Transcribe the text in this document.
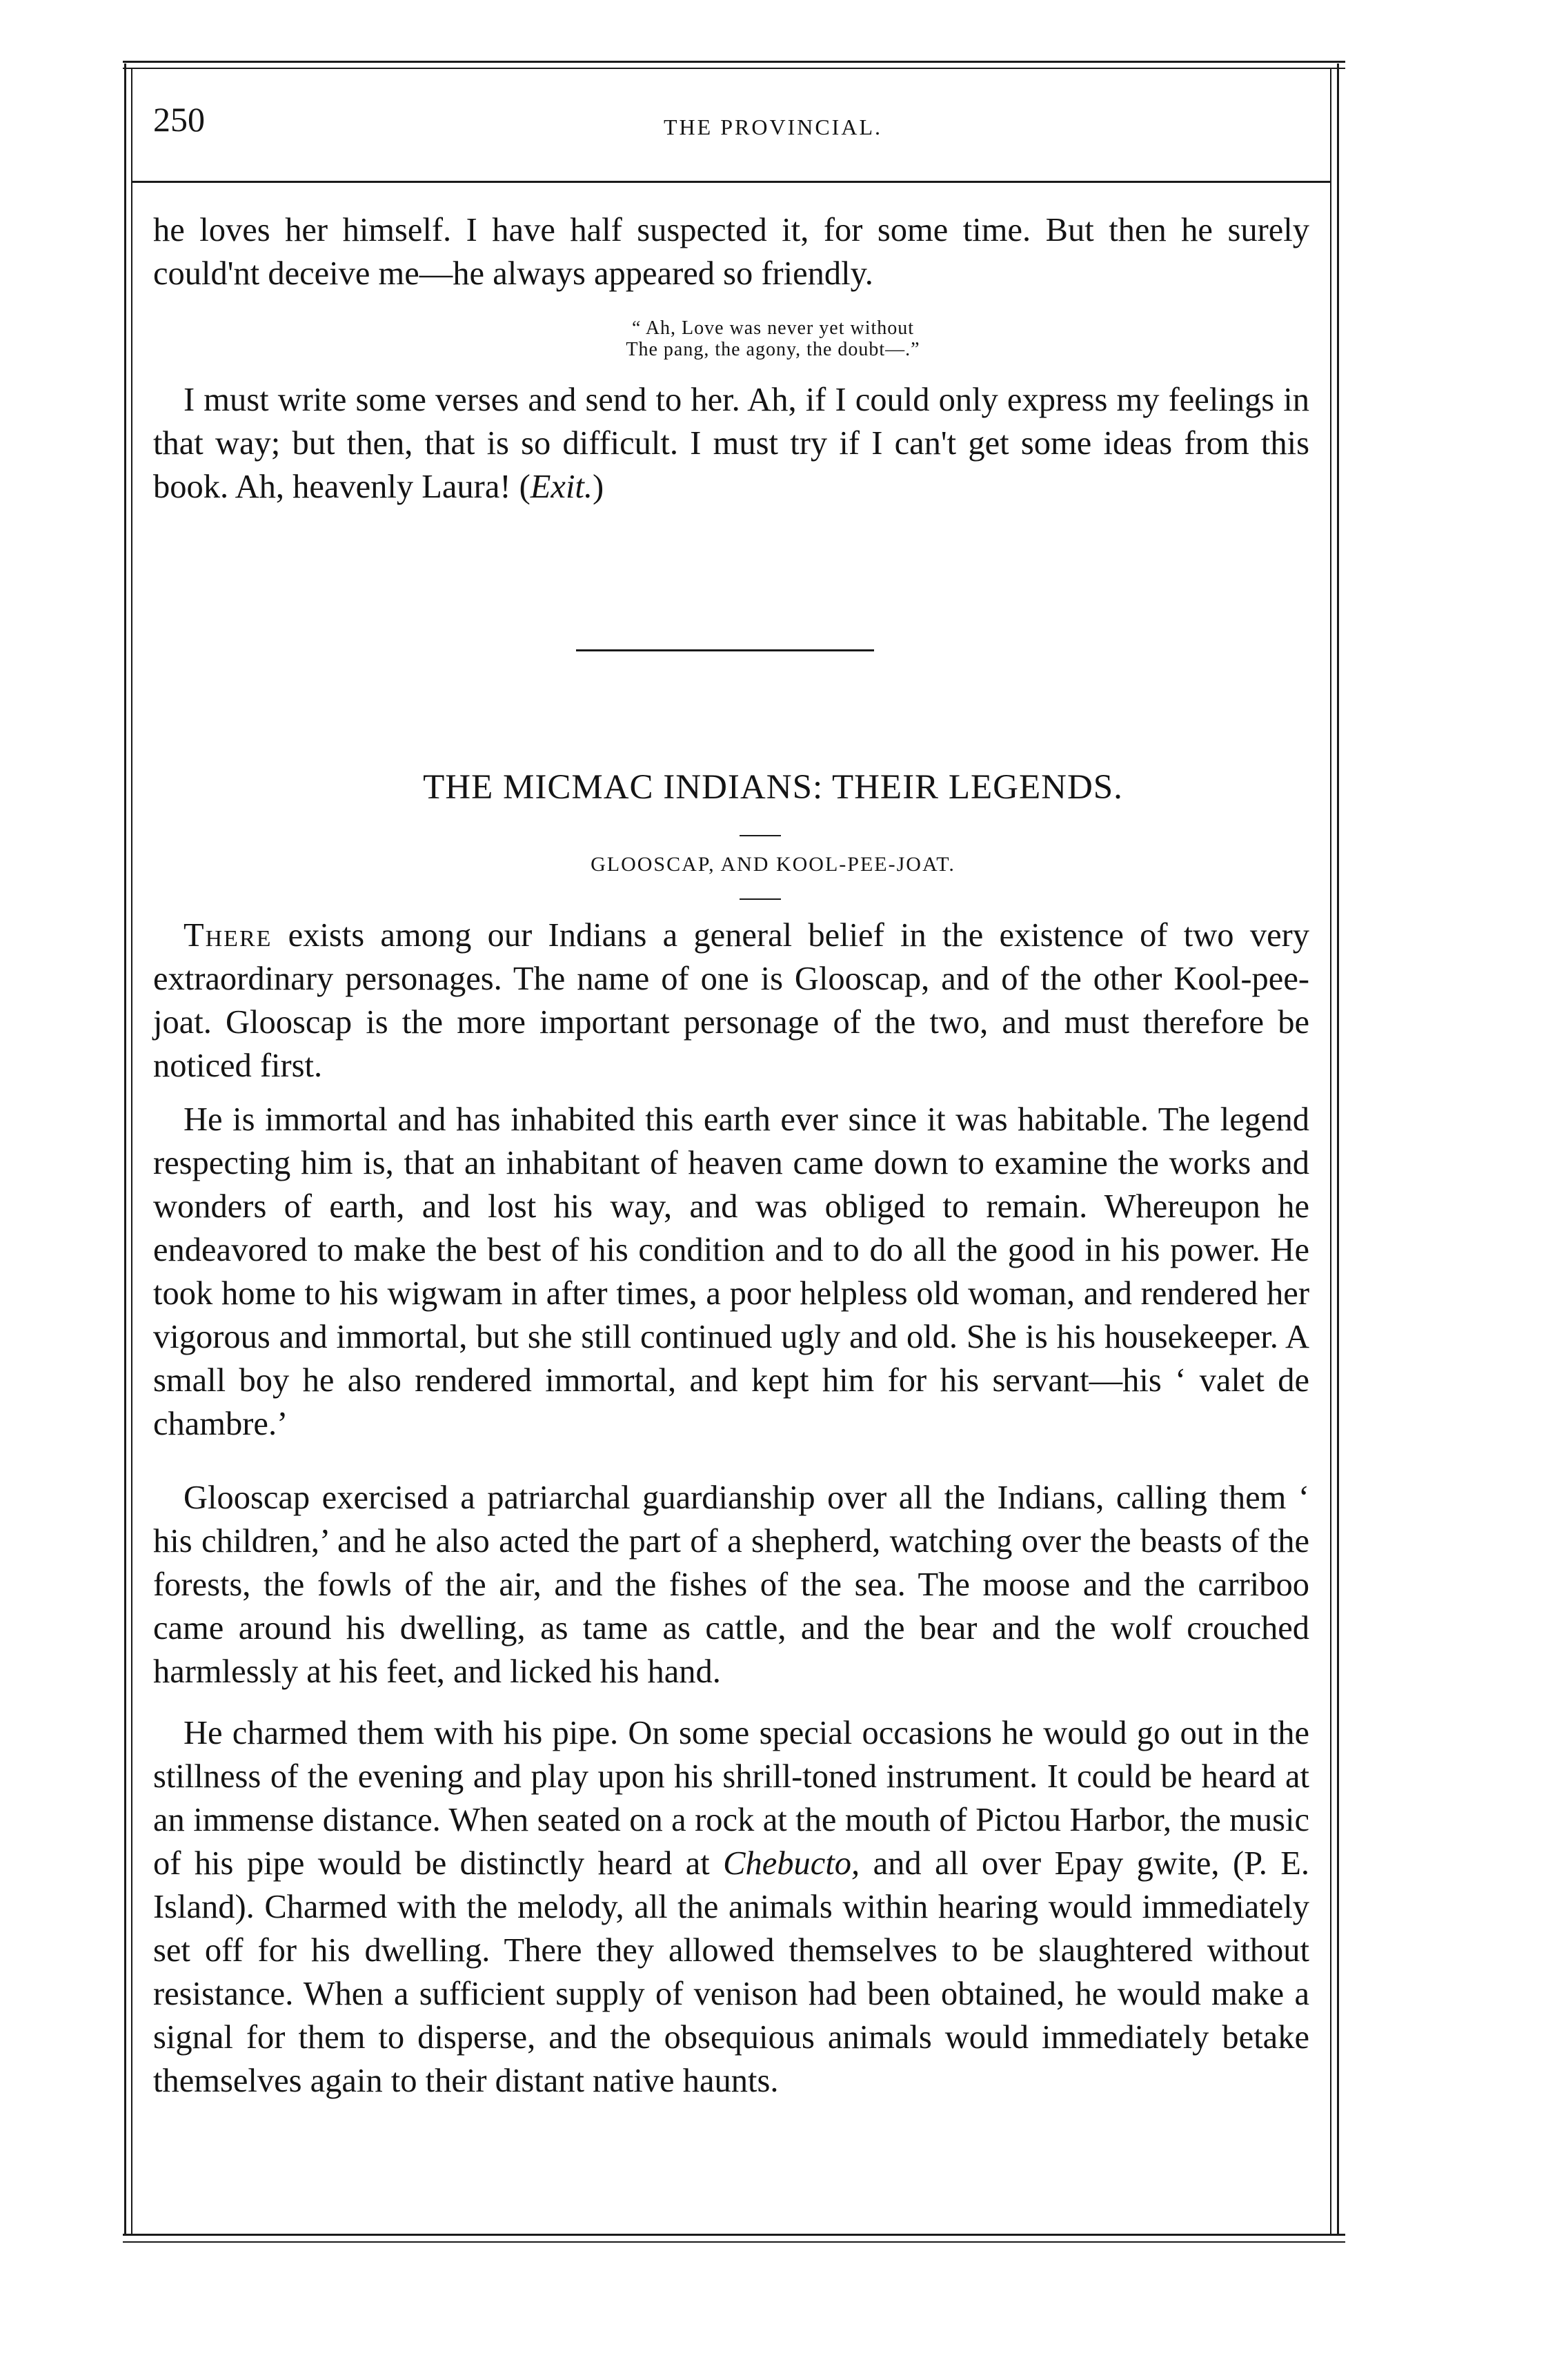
250	THE PROVINCIAL.

he loves her himself. I have half suspected it, for some time. But then he surely could'nt deceive me—he always appeared so friendly.

“ Ah, Love was never yet without
The pang, the agony, the doubt—.”

I must write some verses and send to her. Ah, if I could only express my feelings in that way; but then, that is so difficult. I must try if I can't get some ideas from this book. Ah, heavenly Laura! (Exit.)

THE MICMAC INDIANS: THEIR LEGENDS.
GLOOSCAP, AND KOOL-PEE-JOAT.

There exists among our Indians a general belief in the existence of two very extraordinary personages. The name of one is Glooscap, and of the other Kool-pee-joat. Glooscap is the more important personage of the two, and must therefore be noticed first.

He is immortal and has inhabited this earth ever since it was habitable. The legend respecting him is, that an inhabitant of heaven came down to examine the works and wonders of earth, and lost his way, and was obliged to remain. Whereupon he endeavored to make the best of his condition and to do all the good in his power. He took home to his wigwam in after times, a poor helpless old woman, and rendered her vigorous and immortal, but she still continued ugly and old. She is his housekeeper. A small boy he also rendered immortal, and kept him for his servant—his ‘ valet de chambre.’

Glooscap exercised a patriarchal guardianship over all the Indians, calling them ‘ his children,’ and he also acted the part of a shepherd, watching over the beasts of the forests, the fowls of the air, and the fishes of the sea. The moose and the carriboo came around his dwelling, as tame as cattle, and the bear and the wolf crouched harmlessly at his feet, and licked his hand.

He charmed them with his pipe. On some special occasions he would go out in the stillness of the evening and play upon his shrill-toned instrument. It could be heard at an immense distance. When seated on a rock at the mouth of Pictou Harbor, the music of his pipe would be distinctly heard at Chebucto, and all over Epay gwite, (P. E. Island). Charmed with the melody, all the animals within hearing would immediately set off for his dwelling. There they allowed themselves to be slaughtered without resistance. When a sufficient supply of venison had been obtained, he would make a signal for them to disperse, and the obsequious animals would immediately betake themselves again to their distant native haunts.
